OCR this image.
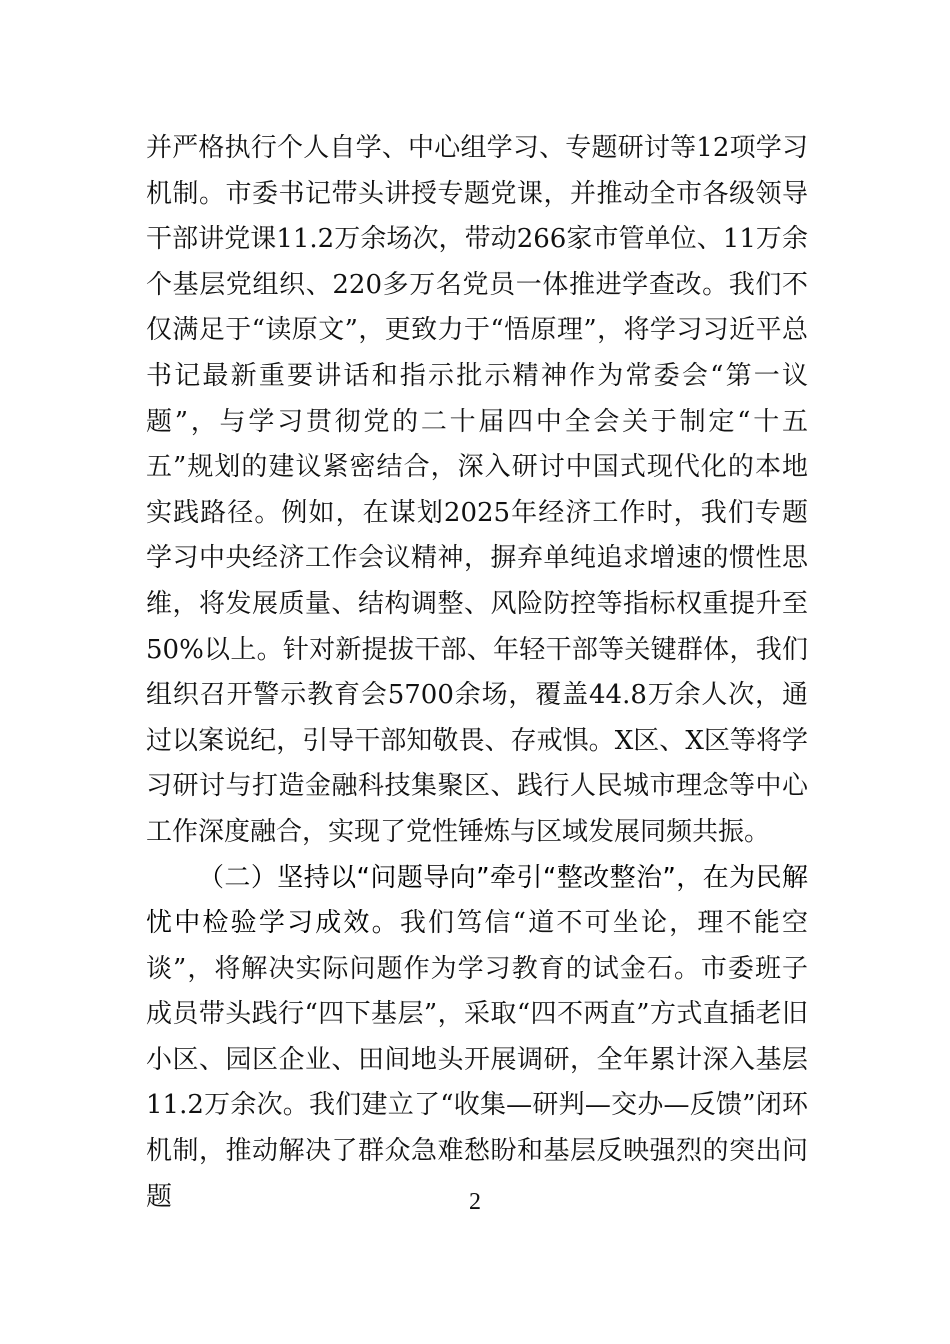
并严格执行个人自学、中心组学习、专题研讨等12项学习机制。市委书记带头讲授专题党课，并推动全市各级领导干部讲党课11.2万余场次，带动266家市管单位、11万余个基层党组织、220多万名党员一体推进学查改。我们不仅满足于“读原文”，更致力于“悟原理”，将学习习近平总书记最新重要讲话和指示批示精神作为常委会“第一议题”，与学习贯彻党的二十届四中全会关于制定“十五五”规划的建议紧密结合，深入研讨中国式现代化的本地实践路径。例如，在谋划2025年经济工作时，我们专题学习中央经济工作会议精神，摒弃单纯追求增速的惯性思维，将发展质量、结构调整、风险防控等指标权重提升至50%以上。针对新提拔干部、年轻干部等关键群体，我们组织召开警示教育会5700余场，覆盖44.8万余人次，通过以案说纪，引导干部知敬畏、存戒惧。X区、X区等将学习研讨与打造金融科技集聚区、践行人民城市理念等中心工作深度融合，实现了党性锤炼与区域发展同频共振。

（二）坚持以“问题导向”牵引“整改整治”，在为民解忧中检验学习成效。我们笃信“道不可坐论，理不能空谈”，将解决实际问题作为学习教育的试金石。市委班子成员带头践行“四下基层”，采取“四不两直”方式直插老旧小区、园区企业、田间地头开展调研，全年累计深入基层11.2万余次。我们建立了“收集—研判—交办—反馈”闭环机制，推动解决了群众急难愁盼和基层反映强烈的突出问题	2
